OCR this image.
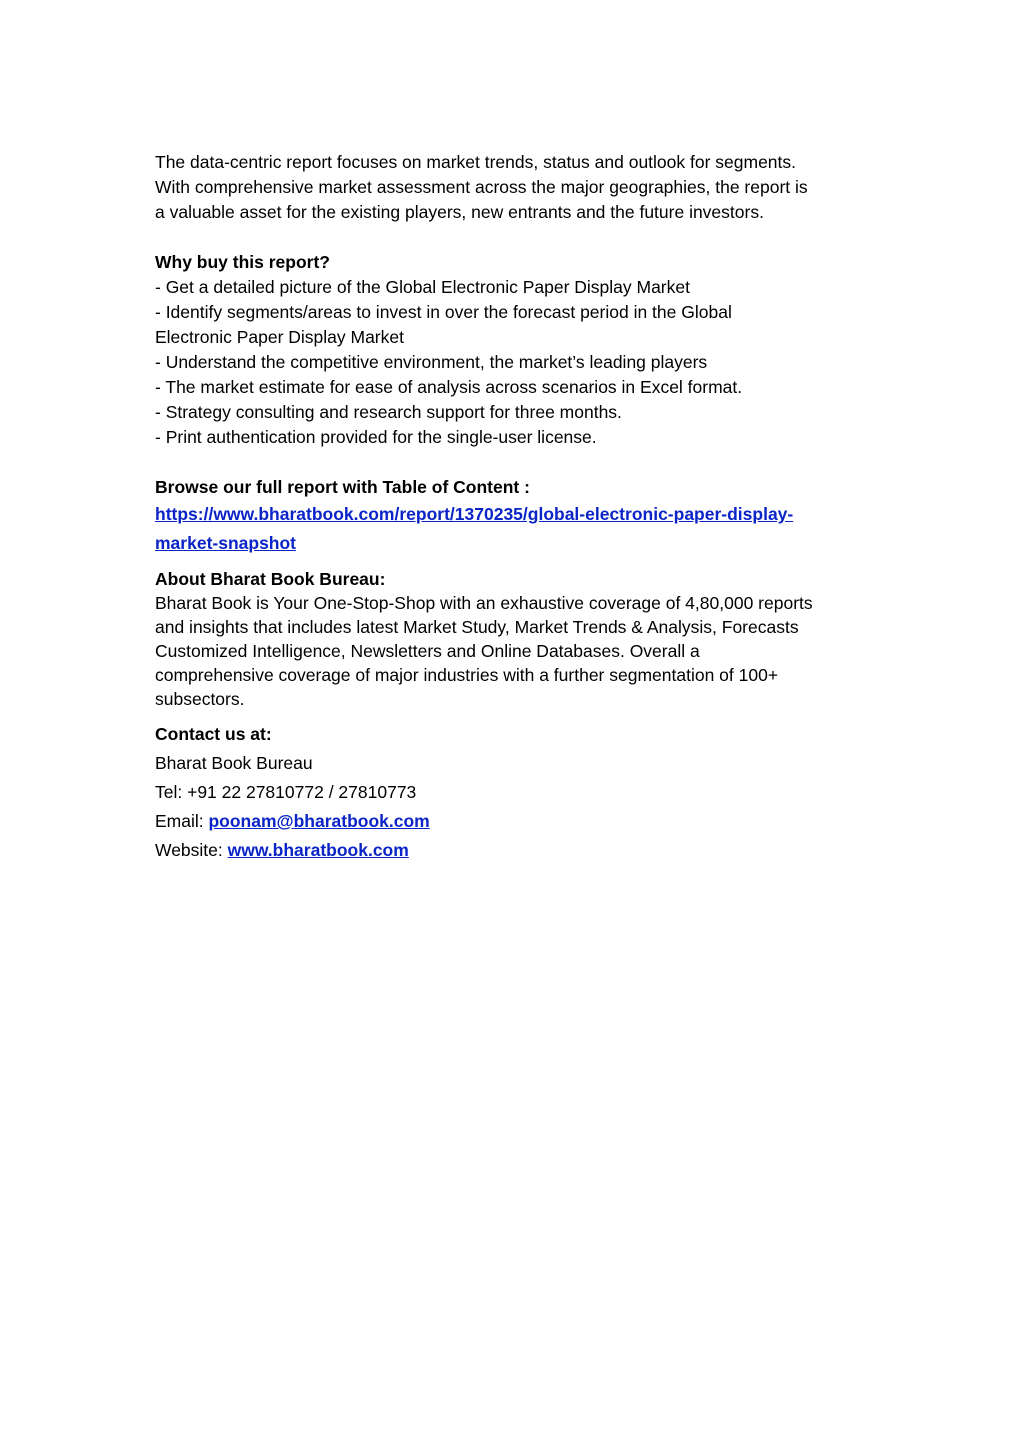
The data-centric report focuses on market trends, status and outlook for segments.
With comprehensive market assessment across the major geographies, the report is
a valuable asset for the existing players, new entrants and the future investors.

Why buy this report?
- Get a detailed picture of the Global Electronic Paper Display Market
- Identify segments/areas to invest in over the forecast period in the Global
Electronic Paper Display Market
- Understand the competitive environment, the market’s leading players
- The market estimate for ease of analysis across scenarios in Excel format.
- Strategy consulting and research support for three months.
- Print authentication provided for the single-user license.
Browse our full report with Table of Content :

https://www.bharatbook.com/report/1370235/global-electronic-paper-display-
market-snapshot

About Bharat Book Bureau:
Bharat Book is Your One-Stop-Shop with an exhaustive coverage of 4,80,000 reports
and insights that includes latest Market Study, Market Trends & Analysis, Forecasts
Customized Intelligence, Newsletters and Online Databases. Overall a
comprehensive coverage of major industries with a further segmentation of 100+
subsectors.
Contact us at:
Bharat Book Bureau
Tel: +91 22 27810772 / 27810773
Email: poonam@bharatbook.com
Website: www.bharatbook.com
